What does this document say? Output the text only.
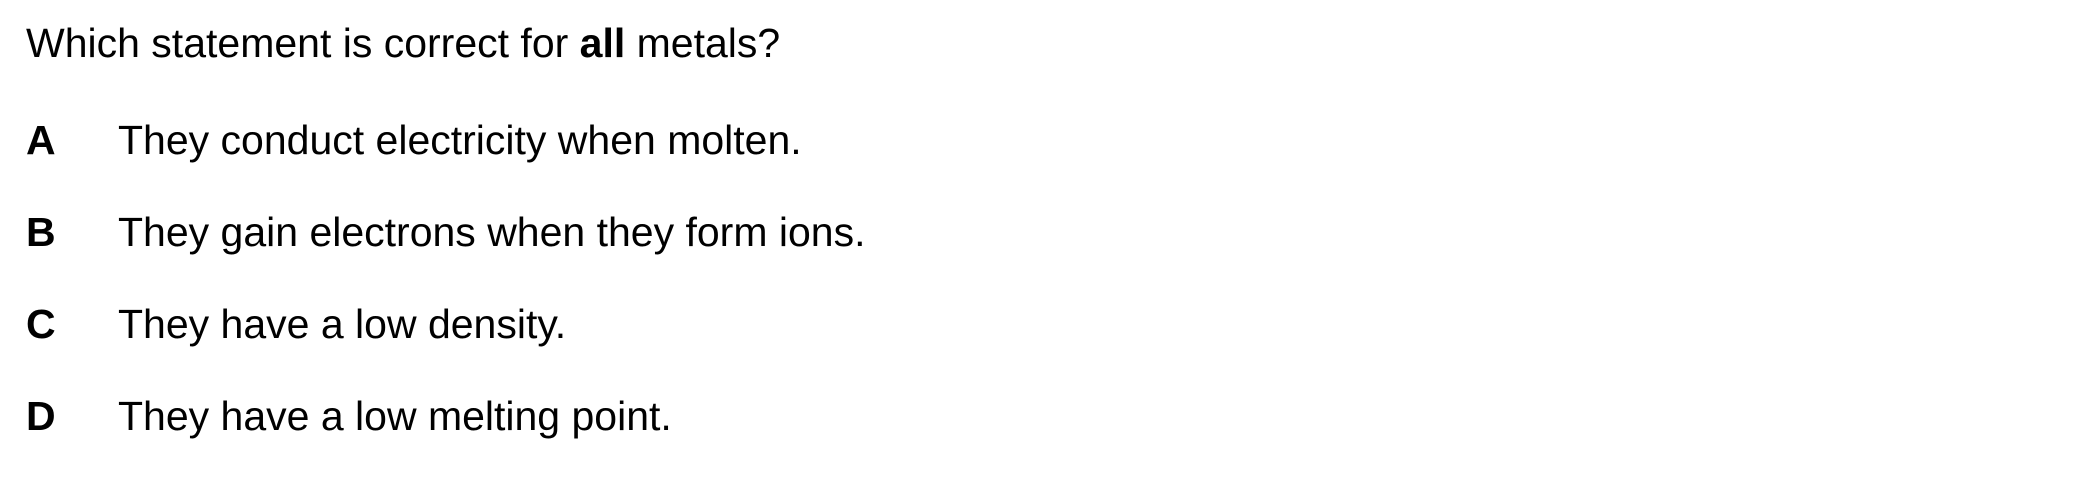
Which statement is correct for all metals?
A	They conduct electricity when molten.
B	They gain electrons when they form ions.
C	They have a low density.
D	They have a low melting point.
